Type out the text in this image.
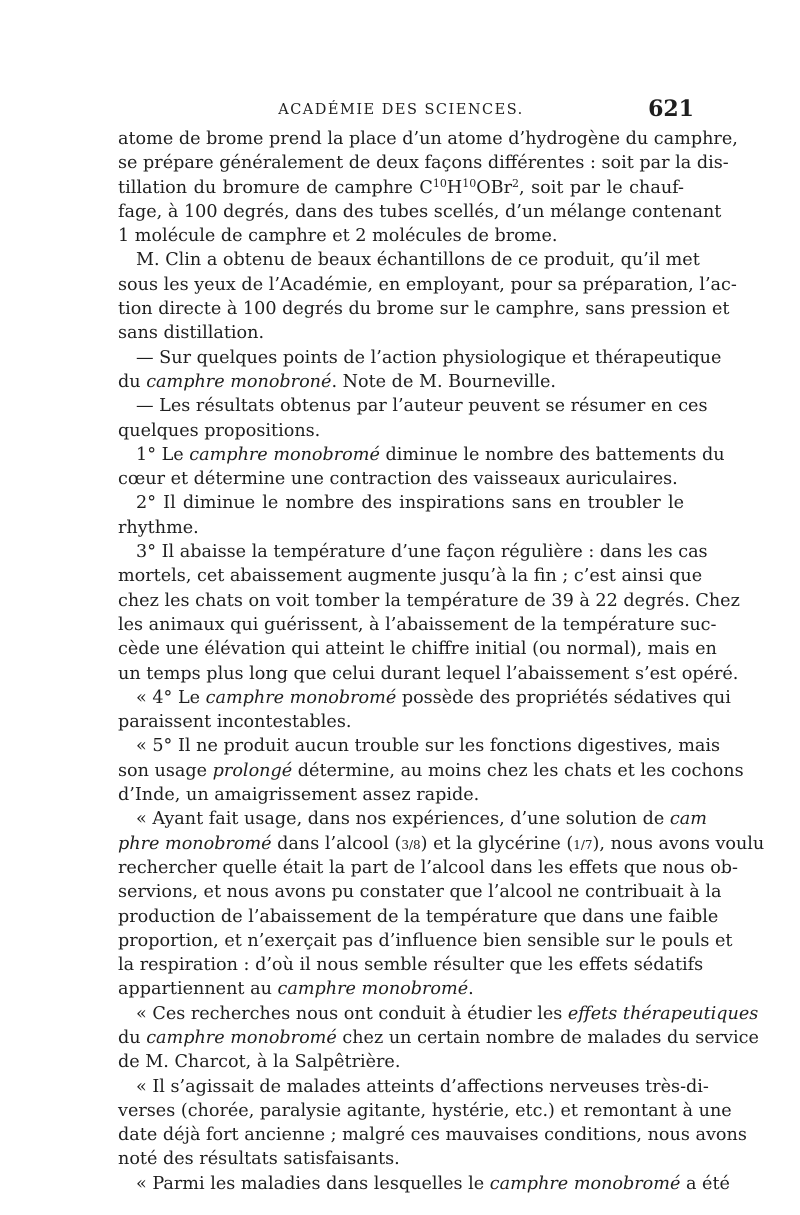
ACADÉMIE DES SCIENCES.	621
atome de brome prend la place d’un atome d’hydrogène du camphre,
se prépare généralement de deux façons différentes : soit par la dis-
tillation du bromure de camphre $C^{10}H^{10}OBr^2$, soit par le chauf-
fage, à 100 degrés, dans des tubes scellés, d’un mélange contenant
1 molécule de camphre et 2 molécules de brome.
M. Clin a obtenu de beaux échantillons de ce produit, qu’il met
sous les yeux de l’Académie, en employant, pour sa préparation, l’ac-
tion directe à 100 degrés du brome sur le camphre, sans pression et
sans distillation.
— Sur quelques points de l’action physiologique et thérapeutique
du camphre monobroné. Note de M. Bourneville.
— Les résultats obtenus par l’auteur peuvent se résumer en ces
quelques propositions.
1° Le camphre monobromé diminue le nombre des battements du
cœur et détermine une contraction des vaisseaux auriculaires.
2° Il diminue le nombre des inspirations sans en troubler le
rhythme.
3° Il abaisse la température d’une façon régulière : dans les cas
mortels, cet abaissement augmente jusqu’à la fin ; c’est ainsi que
chez les chats on voit tomber la température de 39 à 22 degrés. Chez
les animaux qui guérissent, à l’abaissement de la température suc-
cède une élévation qui atteint le chiffre initial (ou normal), mais en
un temps plus long que celui durant lequel l’abaissement s’est opéré.
« 4° Le camphre monobromé possède des propriétés sédatives qui
paraissent incontestables.
« 5° Il ne produit aucun trouble sur les fonctions digestives, mais
son usage prolongé détermine, au moins chez les chats et les cochons
d’Inde, un amaigrissement assez rapide.
« Ayant fait usage, dans nos expériences, d’une solution de cam
phre monobromé dans l’alcool (3/8) et la glycérine (1/7), nous avons voulu
rechercher quelle était la part de l’alcool dans les effets que nous ob-
servions, et nous avons pu constater que l’alcool ne contribuait à la
production de l’abaissement de la température que dans une faible
proportion, et n’exerçait pas d’influence bien sensible sur le pouls et
la respiration : d’où il nous semble résulter que les effets sédatifs
appartiennent au camphre monobromé.
« Ces recherches nous ont conduit à étudier les effets thérapeutiques
du camphre monobromé chez un certain nombre de malades du service
de M. Charcot, à la Salpêtrière.
« Il s’agissait de malades atteints d’affections nerveuses très-di-
verses (chorée, paralysie agitante, hystérie, etc.) et remontant à une
date déjà fort ancienne ; malgré ces mauvaises conditions, nous avons
noté des résultats satisfaisants.
« Parmi les maladies dans lesquelles le camphre monobromé a été
